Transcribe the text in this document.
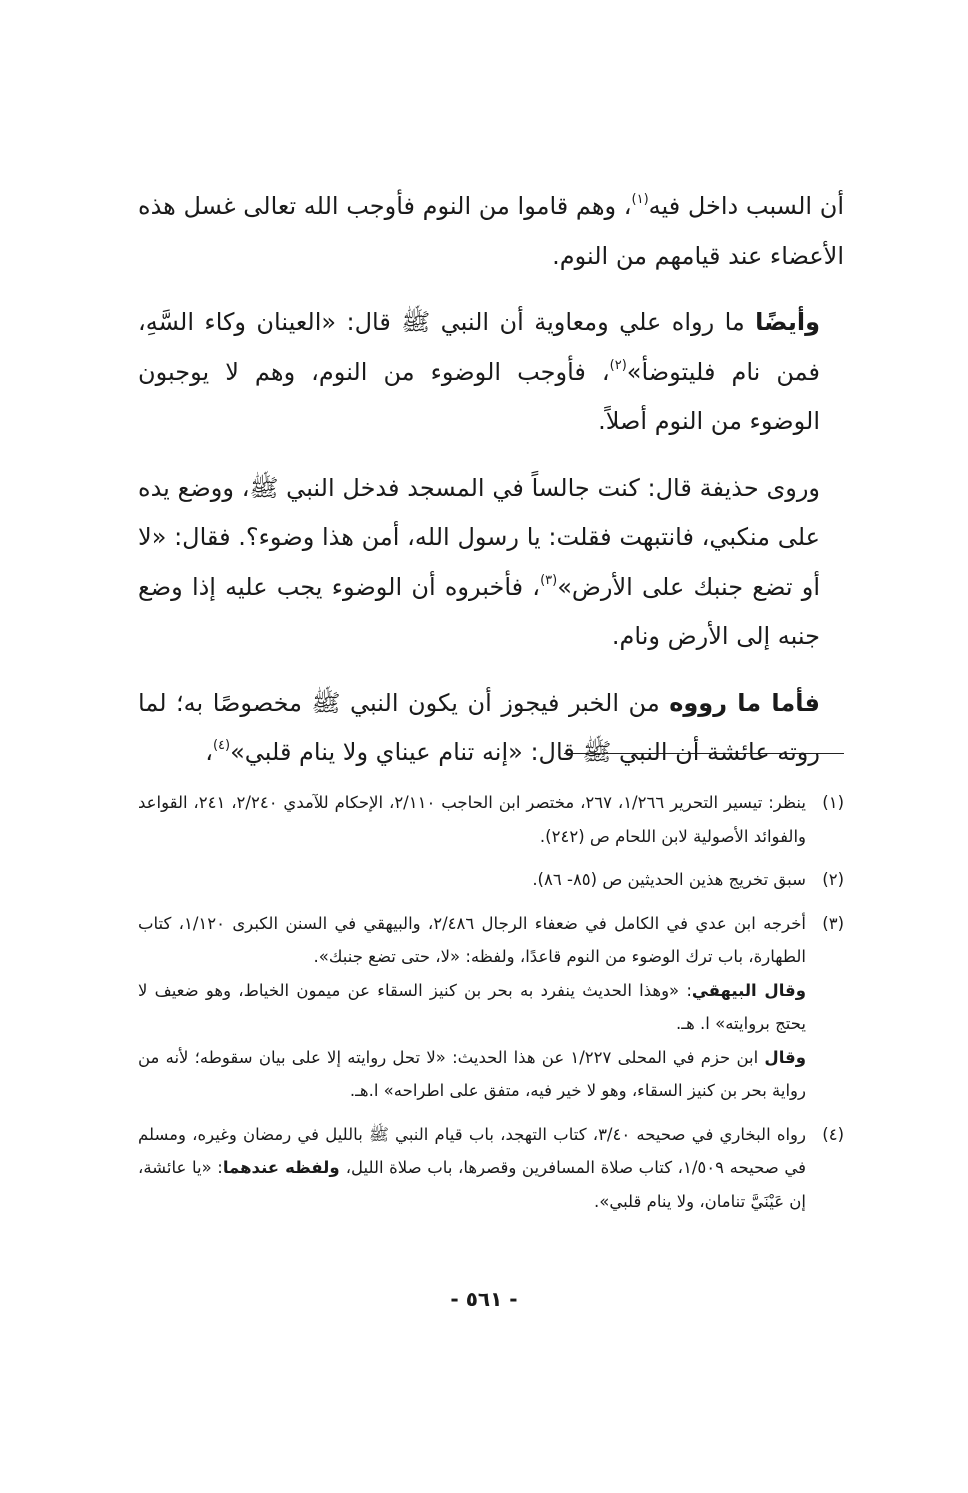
أن السبب داخل فيه$^{(١)}$، وهم قاموا من النوم فأوجب الله تعالى غسل هذه الأعضاء عند قيامهم من النوم.

وأيضًا ما رواه علي ومعاوية أن النبي ﷺ قال: «العينان وكاء السَّهِ، فمن نام فليتوضأ»$^{(٢)}$، فأوجب الوضوء من النوم، وهم لا يوجبون الوضوء من النوم أصلاً.

وروى حذيفة قال: كنت جالساً في المسجد فدخل النبي ﷺ، ووضع يده على منكبي، فانتبهت فقلت: يا رسول الله، أمن هذا وضوء؟. فقال: «لا أو تضع جنبك على الأرض»$^{(٣)}$، فأخبروه أن الوضوء يجب عليه إذا وضع جنبه إلى الأرض ونام.

فأما ما رووه من الخبر فيجوز أن يكون النبي ﷺ مخصوصًا به؛ لما روته عائشة أن النبي ﷺ قال: «إنه تنام عيناي ولا ينام قلبي»$^{(٤)}$،

(١)

ينظر: تيسير التحرير ١/٢٦٦، ٢٦٧، مختصر ابن الحاجب ٢/١١٠، الإحكام للآمدي ٢/٢٤٠، ٢٤١، القواعد والفوائد الأصولية لابن اللحام ص (٢٤٢).

(٢)

سبق تخريج هذين الحديثين ص (٨٥- ٨٦).

(٣)

أخرجه ابن عدي في الكامل في ضعفاء الرجال ٢/٤٨٦، والبيهقي في السنن الكبرى ١/١٢٠، كتاب الطهارة، باب ترك الوضوء من النوم قاعدًا، ولفظه: «لا، حتى تضع جنبك».

وقال البيهقي: «وهذا الحديث ينفرد به بحر بن كنيز السقاء عن ميمون الخياط، وهو ضعيف لا يحتج بروايته» ا. هـ.

وقال ابن حزم في المحلى ١/٢٢٧ عن هذا الحديث: «لا تحل روايته إلا على بيان سقوطه؛ لأنه من رواية بحر بن كنيز السقاء، وهو لا خير فيه، متفق على اطراحه» ا.هـ.

(٤)

رواه البخاري في صحيحه ٣/٤٠، كتاب التهجد، باب قيام النبي ﷺ بالليل في رمضان وغيره، ومسلم في صحيحه ١/٥٠٩، كتاب صلاة المسافرين وقصرها، باب صلاة الليل، ولفظه عندهما: «يا عائشة، إن عَيْنَيَّ تنامان، ولا ينام قلبي».

- ٥٦١ -
